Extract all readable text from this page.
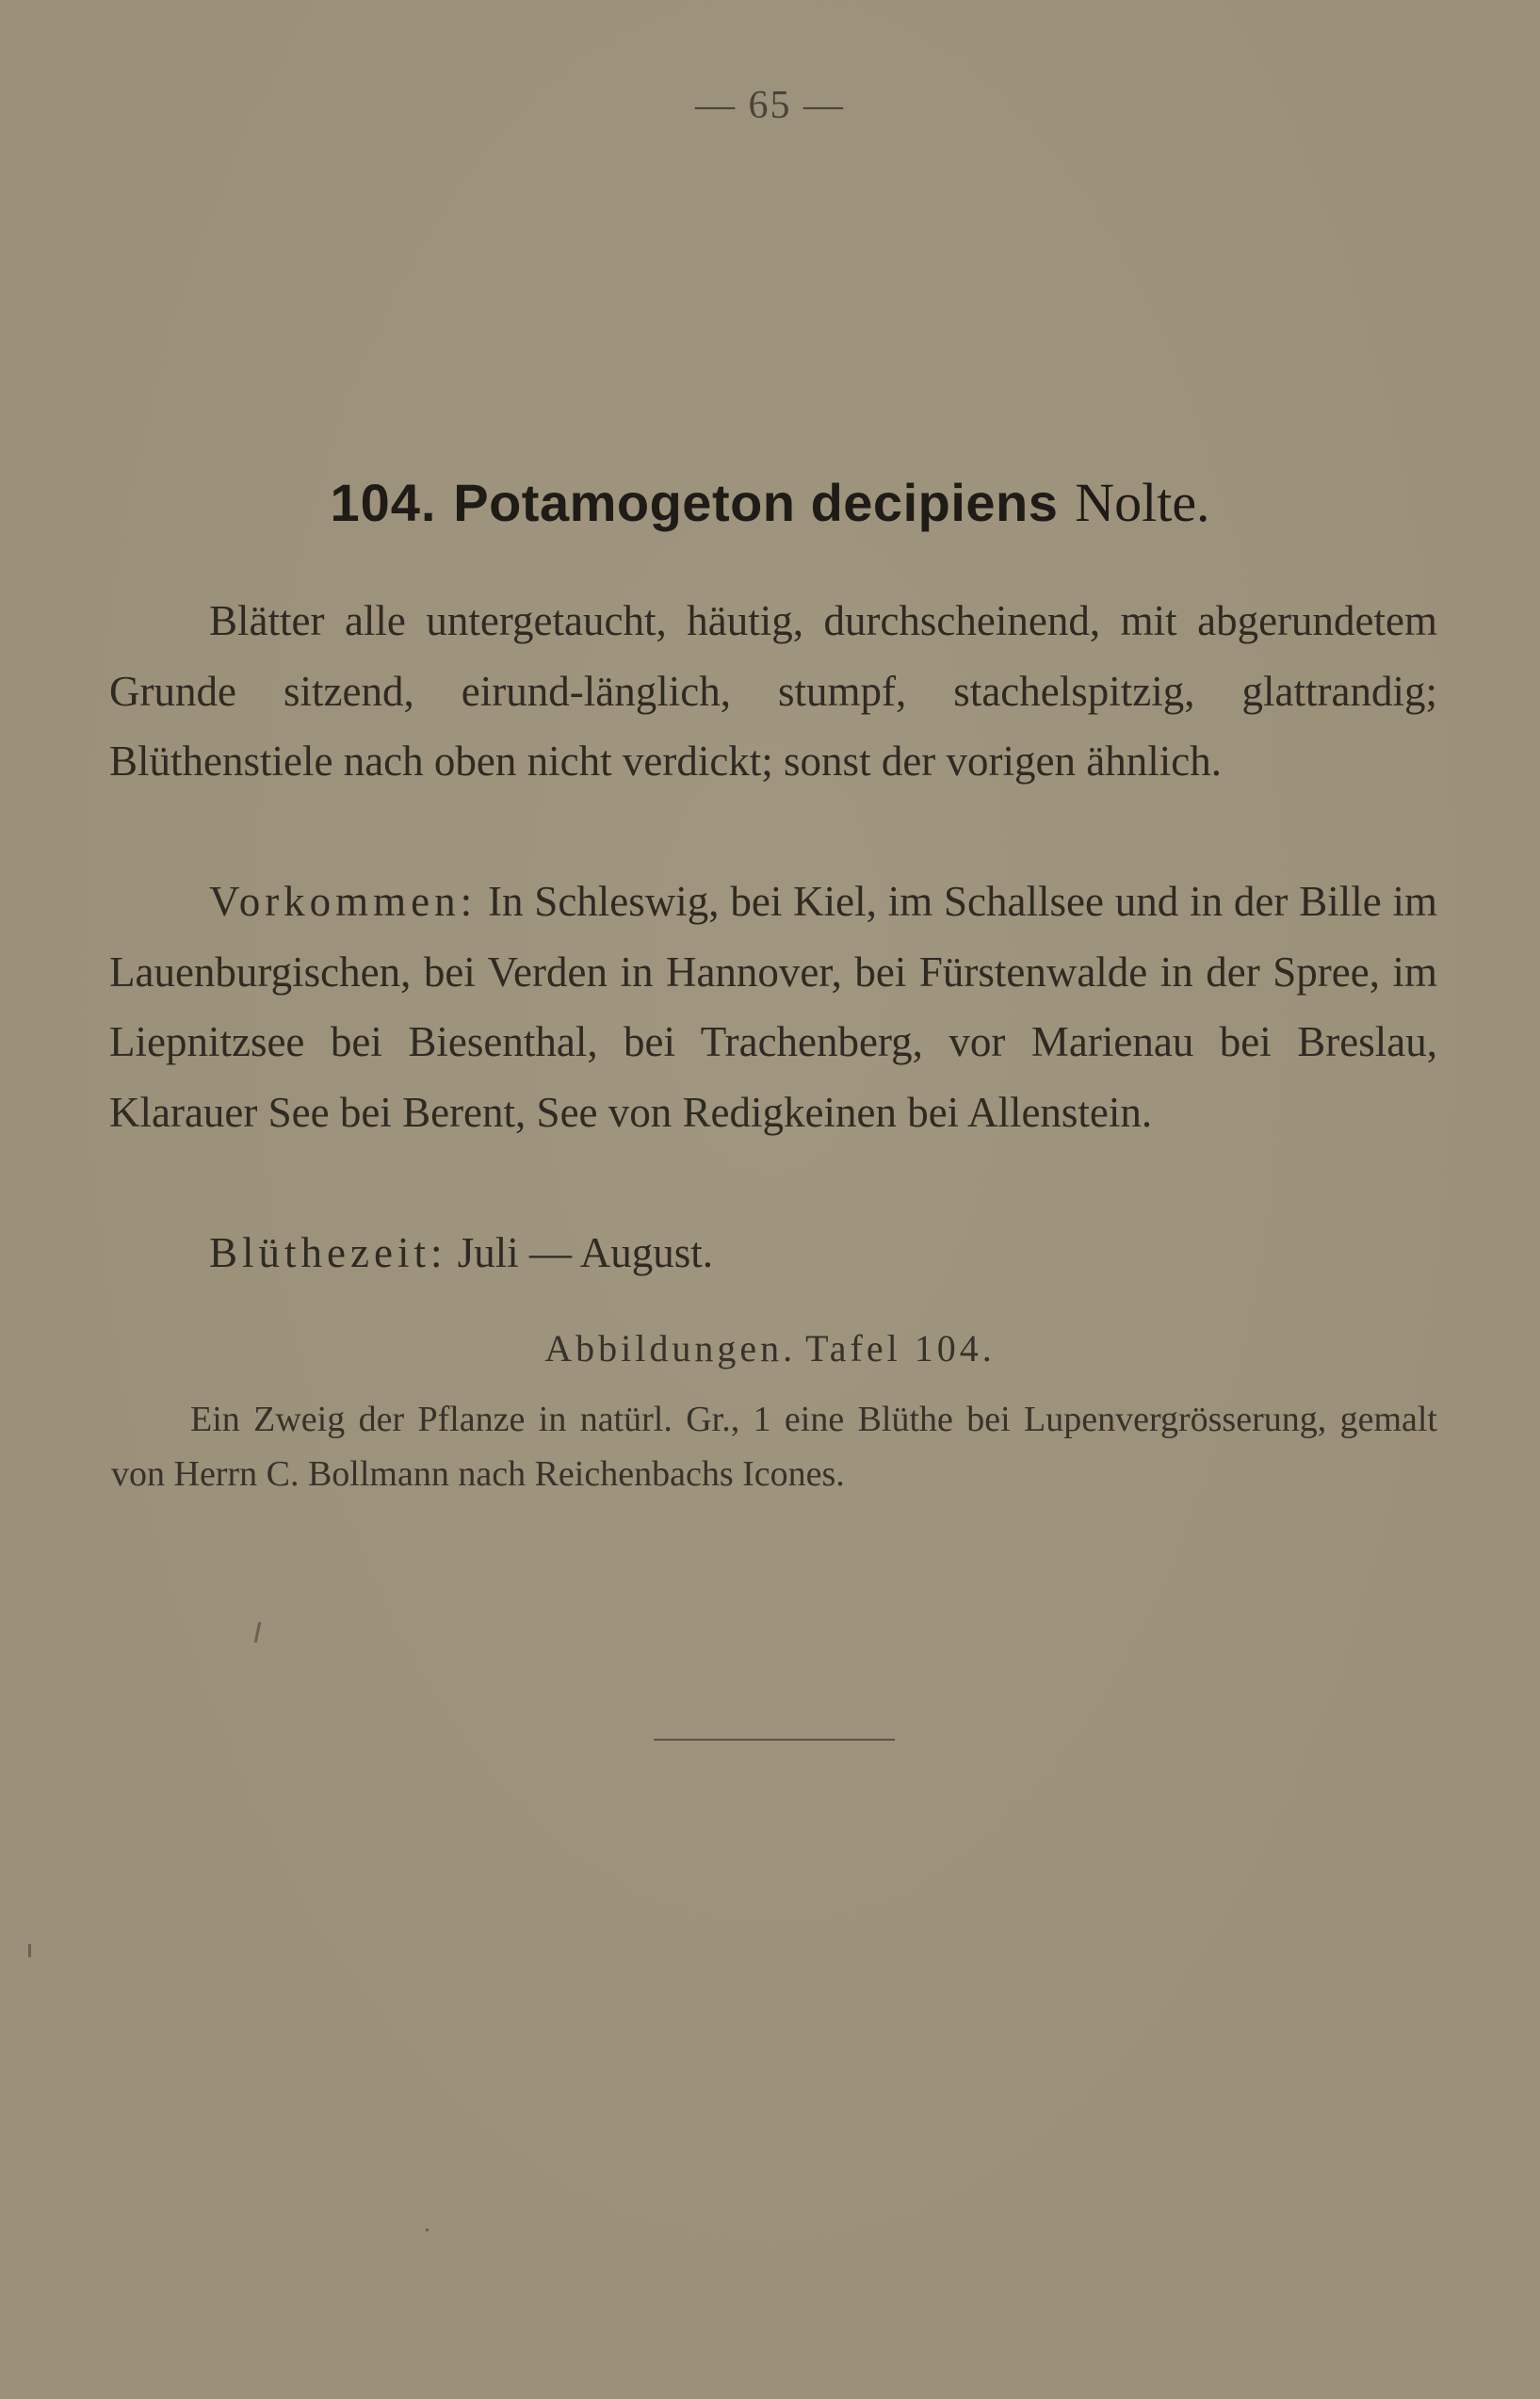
— 65 —
104. Potamogeton decipiens Nolte.
Blätter alle untergetaucht, häutig, durchscheinend, mit abgerundetem Grunde sitzend, eirund-länglich, stumpf, stachelspitzig, glattrandig; Blüthenstiele nach oben nicht verdickt; sonst der vorigen ähnlich.
Vorkommen: In Schleswig, bei Kiel, im Schallsee und in der Bille im Lauenburgischen, bei Verden in Hannover, bei Fürstenwalde in der Spree, im Liepnitzsee bei Biesenthal, bei Trachenberg, vor Marienau bei Breslau, Klarauer See bei Berent, See von Redigkeinen bei Allenstein.
Blüthezeit: Juli — August.
Abbildungen. Tafel 104.
Ein Zweig der Pflanze in natürl. Gr., 1 eine Blüthe bei Lupenvergrösserung, gemalt von Herrn C. Bollmann nach Reichenbachs Icones.
